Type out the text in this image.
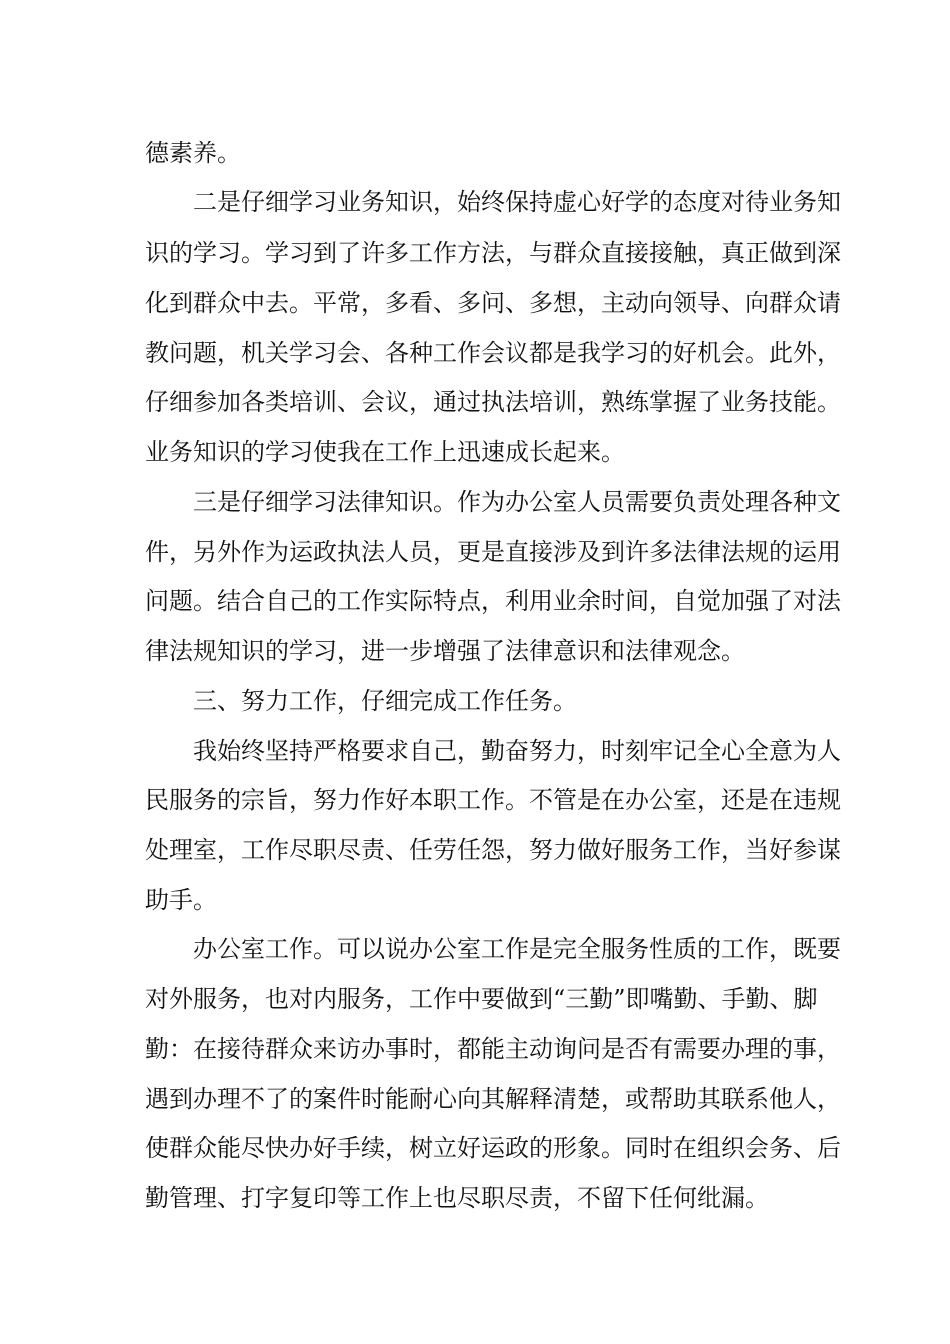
德素养。
二是仔细学习业务知识，始终保持虚心好学的态度对待业务知
识的学习。学习到了许多工作方法，与群众直接接触，真正做到深
化到群众中去。平常，多看、多问、多想，主动向领导、向群众请
教问题，机关学习会、各种工作会议都是我学习的好机会。此外，
仔细参加各类培训、会议，通过执法培训，熟练掌握了业务技能。
业务知识的学习使我在工作上迅速成长起来。
三是仔细学习法律知识。作为办公室人员需要负责处理各种文
件，另外作为运政执法人员，更是直接涉及到许多法律法规的运用
问题。结合自己的工作实际特点，利用业余时间，自觉加强了对法
律法规知识的学习，进一步增强了法律意识和法律观念。
三、努力工作，仔细完成工作任务。
我始终坚持严格要求自己，勤奋努力，时刻牢记全心全意为人
民服务的宗旨，努力作好本职工作。不管是在办公室，还是在违规
处理室，工作尽职尽责、任劳任怨，努力做好服务工作，当好参谋
助手。
办公室工作。可以说办公室工作是完全服务性质的工作，既要
对外服务，也对内服务，工作中要做到“三勤”即嘴勤、手勤、脚
勤：在接待群众来访办事时，都能主动询问是否有需要办理的事，
遇到办理不了的案件时能耐心向其解释清楚，或帮助其联系他人，
使群众能尽快办好手续，树立好运政的形象。同时在组织会务、后
勤管理、打字复印等工作上也尽职尽责，不留下任何纰漏。
